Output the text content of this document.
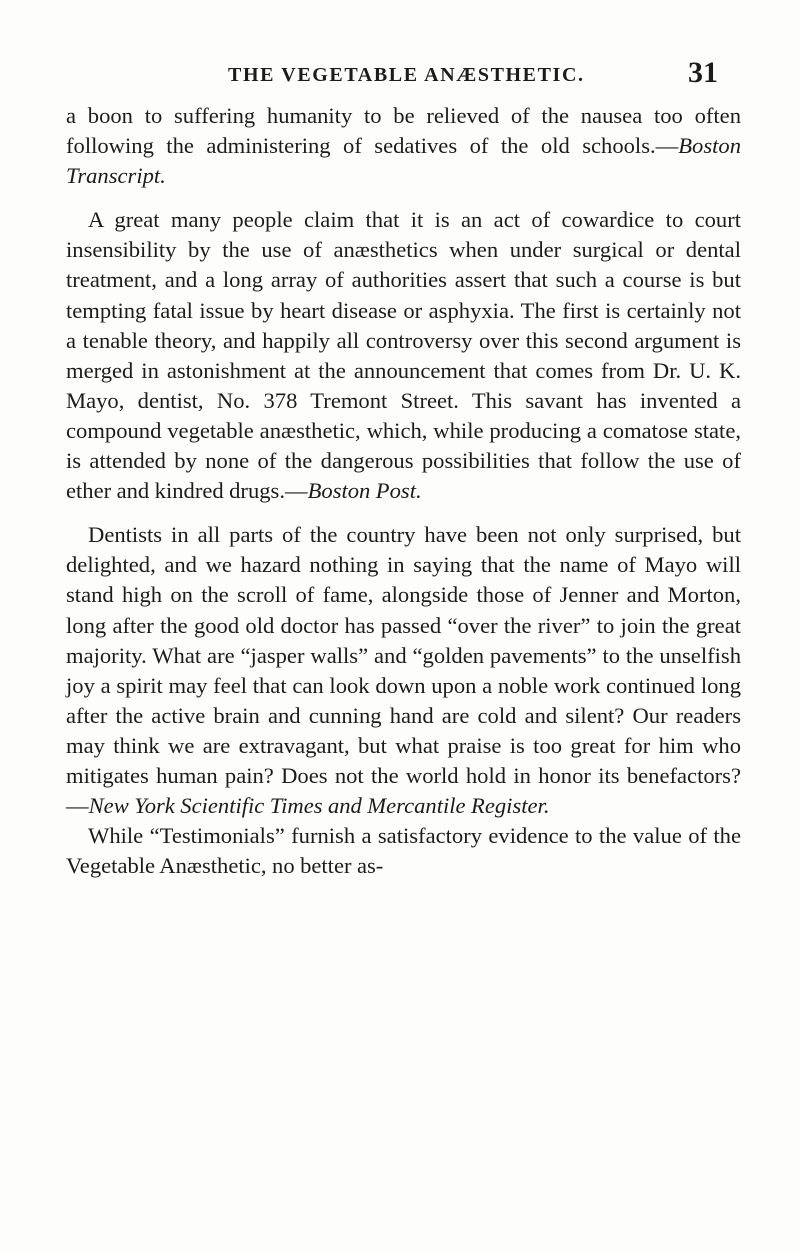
THE VEGETABLE ANÆSTHETIC.	31

a boon to suffering humanity to be relieved of the nausea too often following the administering of sedatives of the old schools.—Boston Transcript.

A great many people claim that it is an act of cowardice to court insensibility by the use of anæsthetics when under surgical or dental treatment, and a long array of authorities assert that such a course is but tempting fatal issue by heart disease or asphyxia. The first is certainly not a tenable theory, and happily all controversy over this second argument is merged in astonishment at the announcement that comes from Dr. U. K. Mayo, dentist, No. 378 Tremont Street. This savant has invented a compound vegetable anæsthetic, which, while producing a comatose state, is attended by none of the dangerous possibilities that follow the use of ether and kindred drugs.—Boston Post.

Dentists in all parts of the country have been not only surprised, but delighted, and we hazard nothing in saying that the name of Mayo will stand high on the scroll of fame, alongside those of Jenner and Morton, long after the good old doctor has passed “over the river” to join the great majority. What are “jasper walls” and “golden pavements” to the unselfish joy a spirit may feel that can look down upon a noble work continued long after the active brain and cunning hand are cold and silent? Our readers may think we are extravagant, but what praise is too great for him who mitigates human pain? Does not the world hold in honor its benefactors?—New York Scientific Times and Mercantile Register.

While “Testimonials” furnish a satisfactory evidence to the value of the Vegetable Anæsthetic, no better as-
